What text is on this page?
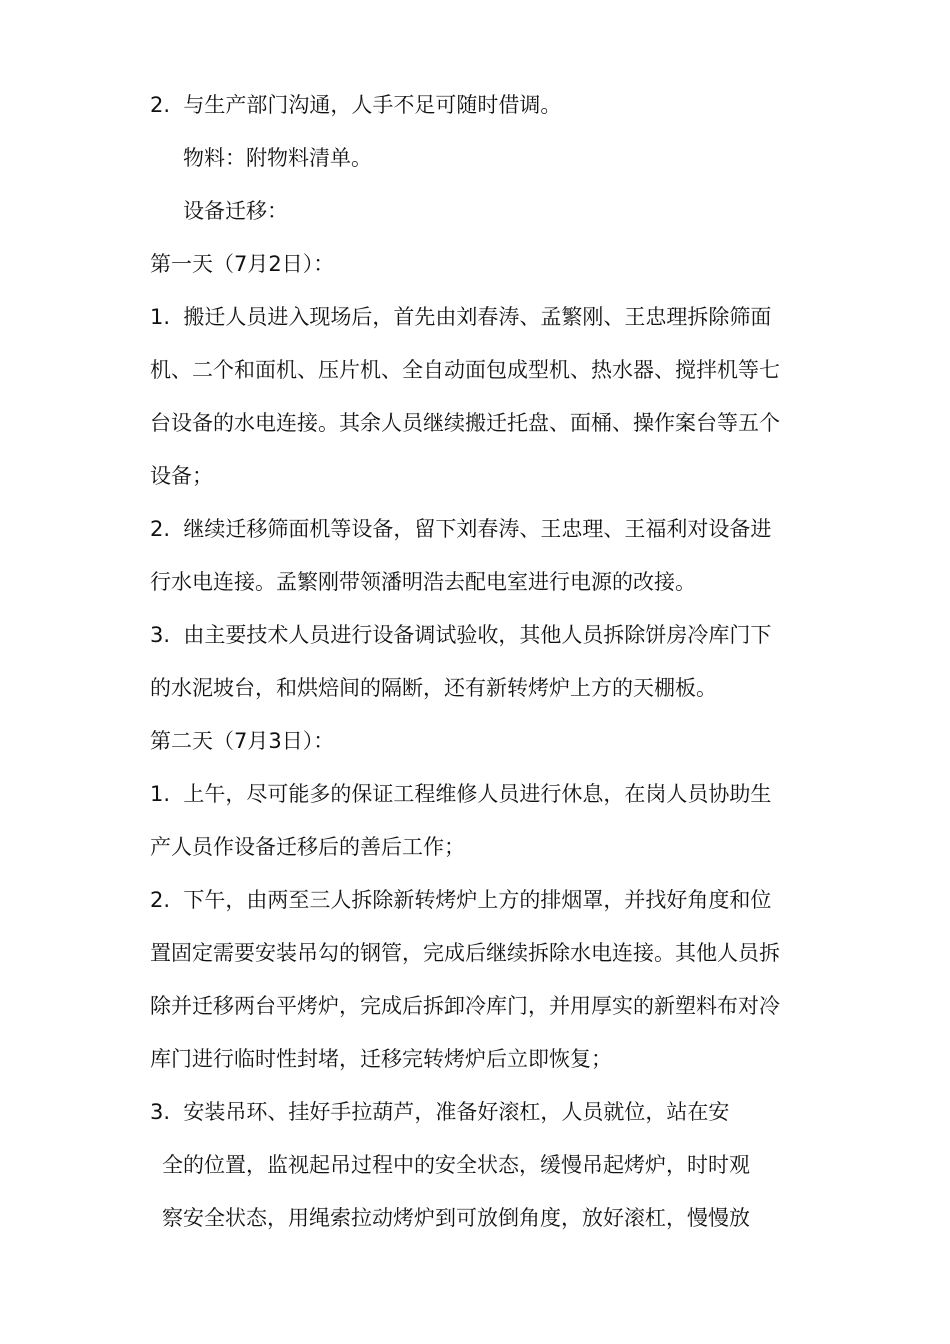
2.  与生产部门沟通，人手不足可随时借调。

物料：附物料清单。

设备迁移：

第一天（7月2日）：

1.  搬迁人员进入现场后，首先由刘春涛、孟繁刚、王忠理拆除筛面

机、二个和面机、压片机、全自动面包成型机、热水器、搅拌机等七

台设备的水电连接。其余人员继续搬迁托盘、面桶、操作案台等五个

设备；

2.  继续迁移筛面机等设备，留下刘春涛、王忠理、王福利对设备进

行水电连接。孟繁刚带领潘明浩去配电室进行电源的改接。

3.  由主要技术人员进行设备调试验收，其他人员拆除饼房冷库门下

的水泥坡台，和烘焙间的隔断，还有新转烤炉上方的天棚板。

第二天（7月3日）：

1.  上午，尽可能多的保证工程维修人员进行休息，在岗人员协助生

产人员作设备迁移后的善后工作；

2.  下午，由两至三人拆除新转烤炉上方的排烟罩，并找好角度和位

置固定需要安装吊勾的钢管，完成后继续拆除水电连接。其他人员拆

除并迁移两台平烤炉，完成后拆卸冷库门，并用厚实的新塑料布对冷

库门进行临时性封堵，迁移完转烤炉后立即恢复；

3.  安装吊环、挂好手拉葫芦，准备好滚杠，人员就位，站在安

全的位置，监视起吊过程中的安全状态，缓慢吊起烤炉，时时观

察安全状态，用绳索拉动烤炉到可放倒角度，放好滚杠，慢慢放
